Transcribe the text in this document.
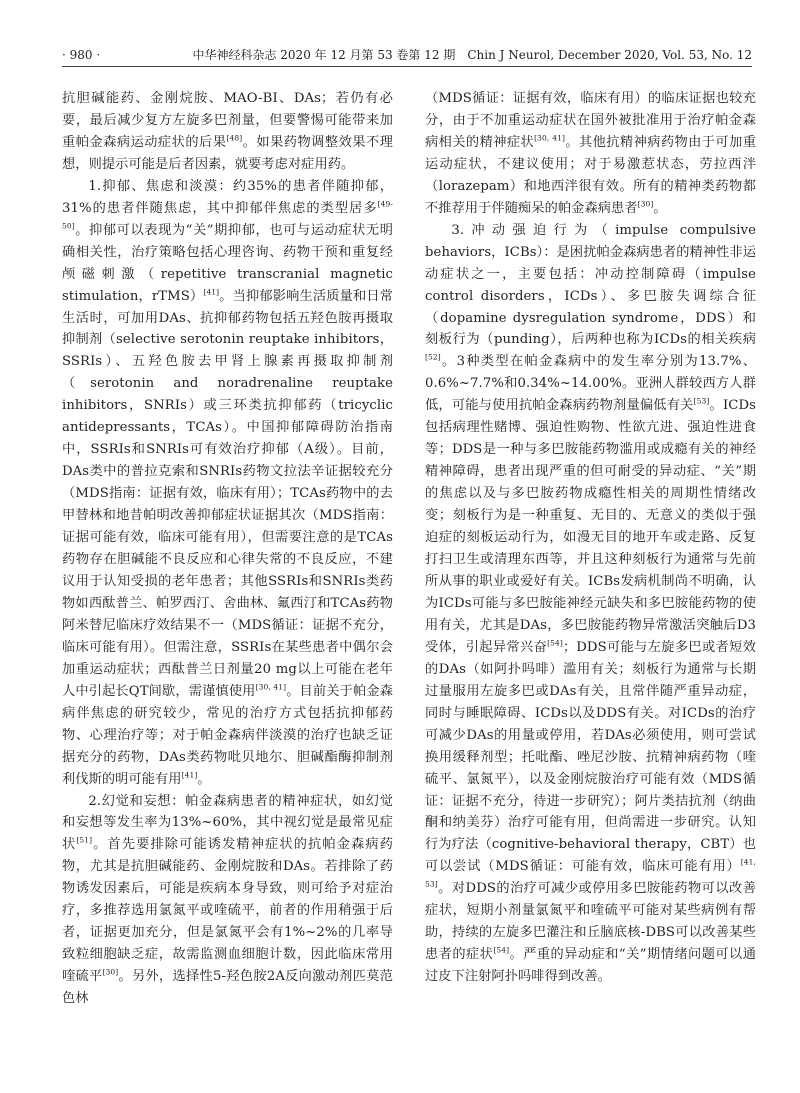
· 980 ·	中华神经科杂志 2020 年 12 月第 53 卷第 12 期　Chin J Neurol, December 2020, Vol. 53, No. 12

抗胆碱能药、金刚烷胺、MAO-BI、DAs；若仍有必要，最后减少复方左旋多巴剂量，但要警惕可能带来加重帕金森病运动症状的后果[48]。如果药物调整效果不理想，则提示可能是后者因素，就要考虑对症用药。

1.抑郁、焦虑和淡漠：约35%的患者伴随抑郁，31%的患者伴随焦虑，其中抑郁伴焦虑的类型居多[49-50]。抑郁可以表现为“关”期抑郁，也可与运动症状无明确相关性，治疗策略包括心理咨询、药物干预和重复经颅磁刺激（repetitive transcranial magnetic stimulation，rTMS）[41]。当抑郁影响生活质量和日常生活时，可加用DAs、抗抑郁药物包括五羟色胺再摄取抑制剂（selective serotonin reuptake inhibitors，SSRIs）、五羟色胺去甲肾上腺素再摄取抑制剂（serotonin and noradrenaline reuptake inhibitors，SNRIs）或三环类抗抑郁药（tricyclic antidepressants，TCAs）。中国抑郁障碍防治指南中，SSRIs和SNRIs可有效治疗抑郁（A级）。目前，DAs类中的普拉克索和SNRIs药物文拉法辛证据较充分（MDS指南：证据有效，临床有用）；TCAs药物中的去甲替林和地昔帕明改善抑郁症状证据其次（MDS指南：证据可能有效，临床可能有用），但需要注意的是TCAs药物存在胆碱能不良反应和心律失常的不良反应，不建议用于认知受损的老年患者；其他SSRIs和SNRIs类药物如西酞普兰、帕罗西汀、舍曲林、氟西汀和TCAs药物阿米替尼临床疗效结果不一（MDS循证：证据不充分，临床可能有用）。但需注意，SSRIs在某些患者中偶尔会加重运动症状；西酞普兰日剂量20 mg以上可能在老年人中引起长QT间歇，需谨慎使用[30, 41]。目前关于帕金森病伴焦虑的研究较少，常见的治疗方式包括抗抑郁药物、心理治疗等；对于帕金森病伴淡漠的治疗也缺乏证据充分的药物，DAs类药物吡贝地尔、胆碱酯酶抑制剂利伐斯的明可能有用[41]。

2.幻觉和妄想：帕金森病患者的精神症状，如幻觉和妄想等发生率为13%~60%，其中视幻觉是最常见症状[51]。首先要排除可能诱发精神症状的抗帕金森病药物，尤其是抗胆碱能药、金刚烷胺和DAs。若排除了药物诱发因素后，可能是疾病本身导致，则可给予对症治疗，多推荐选用氯氮平或喹硫平，前者的作用稍强于后者，证据更加充分，但是氯氮平会有1%~2%的几率导致粒细胞缺乏症，故需监测血细胞计数，因此临床常用喹硫平[30]。另外，选择性5-羟色胺2A反向激动剂匹莫范色林

（MDS循证：证据有效，临床有用）的临床证据也较充分，由于不加重运动症状在国外被批准用于治疗帕金森病相关的精神症状[30, 41]。其他抗精神病药物由于可加重运动症状，不建议使用；对于易激惹状态，劳拉西泮（lorazepam）和地西泮很有效。所有的精神类药物都不推荐用于伴随痴呆的帕金森病患者[30]。

3.冲动强迫行为（impulse compulsive behaviors，ICBs）：是困扰帕金森病患者的精神性非运动症状之一，主要包括：冲动控制障碍（impulse control disorders，ICDs）、多巴胺失调综合征（dopamine dysregulation syndrome，DDS）和刻板行为（punding），后两种也称为ICDs的相关疾病[52]。3种类型在帕金森病中的发生率分别为13.7%、0.6%~7.7%和0.34%~14.00%。亚洲人群较西方人群低，可能与使用抗帕金森病药物剂量偏低有关[53]。ICDs包括病理性赌博、强迫性购物、性欲亢进、强迫性进食等；DDS是一种与多巴胺能药物滥用或成瘾有关的神经精神障碍，患者出现严重的但可耐受的异动症、“关”期的焦虑以及与多巴胺药物成瘾性相关的周期性情绪改变；刻板行为是一种重复、无目的、无意义的类似于强迫症的刻板运动行为，如漫无目的地开车或走路、反复打扫卫生或清理东西等，并且这种刻板行为通常与先前所从事的职业或爱好有关。ICBs发病机制尚不明确，认为ICDs可能与多巴胺能神经元缺失和多巴胺能药物的使用有关，尤其是DAs，多巴胺能药物异常激活突触后D3受体，引起异常兴奋[54]；DDS可能与左旋多巴或者短效的DAs（如阿扑吗啡）滥用有关；刻板行为通常与长期过量服用左旋多巴或DAs有关，且常伴随严重异动症，同时与睡眠障碍、ICDs以及DDS有关。对ICDs的治疗可减少DAs的用量或停用，若DAs必须使用，则可尝试换用缓释剂型；托吡酯、唑尼沙胺、抗精神病药物（喹硫平、氯氮平），以及金刚烷胺治疗可能有效（MDS循证：证据不充分，待进一步研究）；阿片类拮抗剂（纳曲酮和纳美芬）治疗可能有用，但尚需进一步研究。认知行为疗法（cognitive-behavioral therapy，CBT）也可以尝试（MDS循证：可能有效，临床可能有用）[41, 53]。对DDS的治疗可减少或停用多巴胺能药物可以改善症状，短期小剂量氯氮平和喹硫平可能对某些病例有帮助，持续的左旋多巴灌注和丘脑底核-DBS可以改善某些患者的症状[54]。严重的异动症和“关”期情绪问题可以通过皮下注射阿扑吗啡得到改善。
